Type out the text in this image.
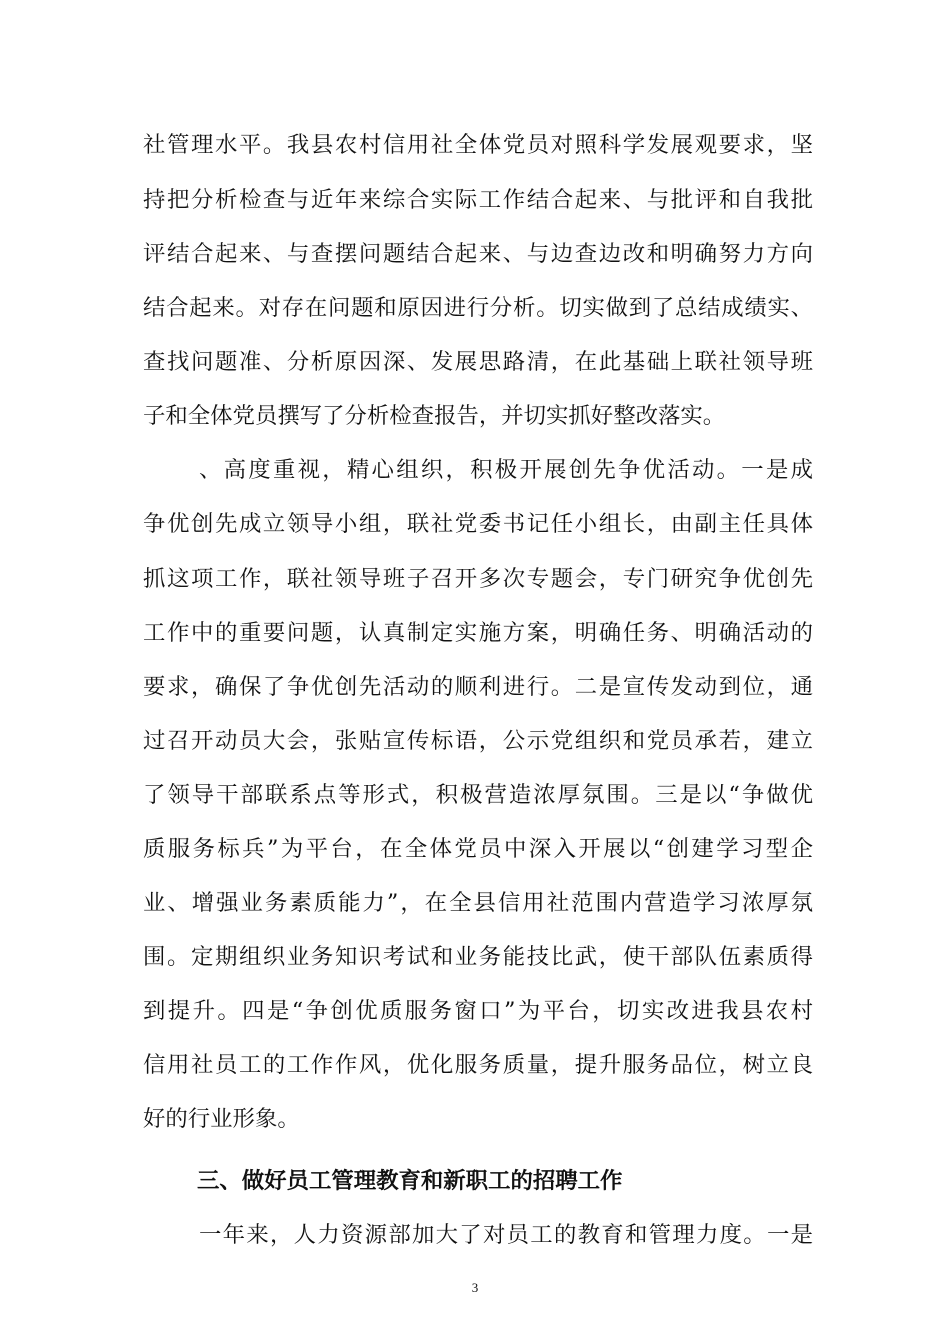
社管理水平。我县农村信用社全体党员对照科学发展观要求，坚
持把分析检查与近年来综合实际工作结合起来、与批评和自我批
评结合起来、与查摆问题结合起来、与边查边改和明确努力方向
结合起来。对存在问题和原因进行分析。切实做到了总结成绩实、
查找问题准、分析原因深、发展思路清，在此基础上联社领导班
子和全体党员撰写了分析检查报告，并切实抓好整改落实。
、高度重视，精心组织，积极开展创先争优活动。一是成
争优创先成立领导小组，联社党委书记任小组长，由副主任具体
抓这项工作，联社领导班子召开多次专题会，专门研究争优创先
工作中的重要问题，认真制定实施方案，明确任务、明确活动的
要求，确保了争优创先活动的顺利进行。二是宣传发动到位，通
过召开动员大会，张贴宣传标语，公示党组织和党员承若，建立
了领导干部联系点等形式，积极营造浓厚氛围。三是以“争做优
质服务标兵”为平台，在全体党员中深入开展以“创建学习型企
业、增强业务素质能力”，在全县信用社范围内营造学习浓厚氛
围。定期组织业务知识考试和业务能技比武，使干部队伍素质得
到提升。四是“争创优质服务窗口”为平台，切实改进我县农村
信用社员工的工作作风，优化服务质量，提升服务品位，树立良
好的行业形象。
三、做好员工管理教育和新职工的招聘工作
一年来，人力资源部加大了对员工的教育和管理力度。一是
3
